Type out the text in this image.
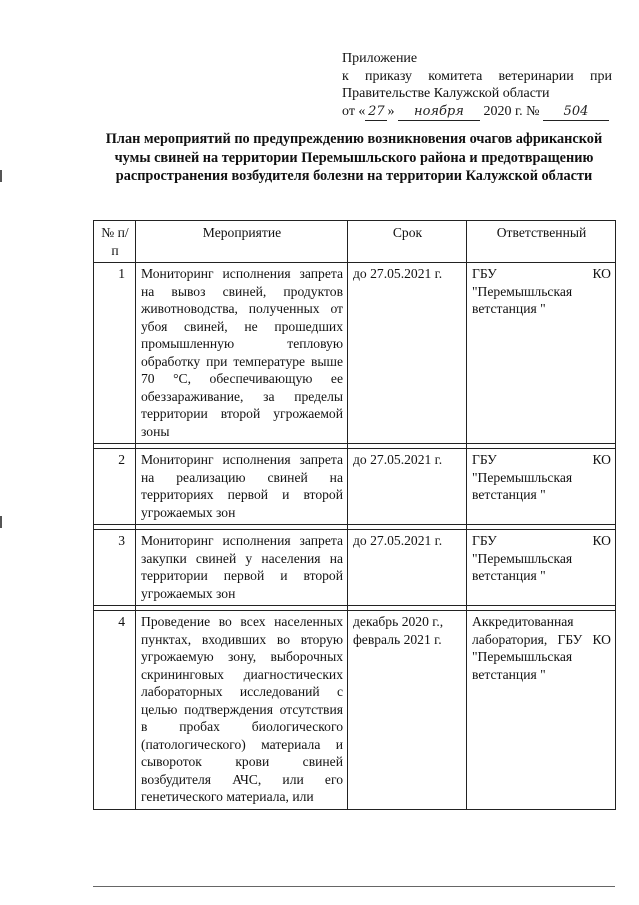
Приложение
к приказу комитета ветеринарии при
Правительстве Калужской области
от « 27 » ноября 2020 г. № 504
План мероприятий по предупреждению возникновения очагов африканской чумы свиней на территории Перемышльского района и предотвращению распространения возбудителя болезни на территории Калужской области
№ п/п	Мероприятие	Срок	Ответственный
1	Мониторинг исполнения запрета на вывоз свиней, продуктов животноводства, полученных от убоя свиней, не прошедших промышленную тепловую обработку при температуре выше 70 °С, обеспечивающую ее обеззараживание, за пределы территории второй угрожаемой зоны	до 27.05.2021 г.	ГБУ КО "Перемышльская ветстанция "

2	Мониторинг исполнения запрета на реализацию свиней на территориях первой и второй угрожаемых зон	до 27.05.2021 г.	ГБУ КО "Перемышльская ветстанция "

3	Мониторинг исполнения запрета закупки свиней у населения на территории первой и второй угрожаемых зон	до 27.05.2021 г.	ГБУ КО "Перемышльская ветстанция "

4	Проведение во всех населенных пунктах, входивших во вторую угрожаемую зону, выборочных скрининговых диагностических лабораторных исследований с целью подтверждения отсутствия в пробах биологического (патологического) материала и сывороток крови свиней возбудителя АЧС, или его генетического материала, или	декабрь 2020 г., февраль 2021 г.	Аккредитованная лаборатория, ГБУ КО "Перемышльская ветстанция "
